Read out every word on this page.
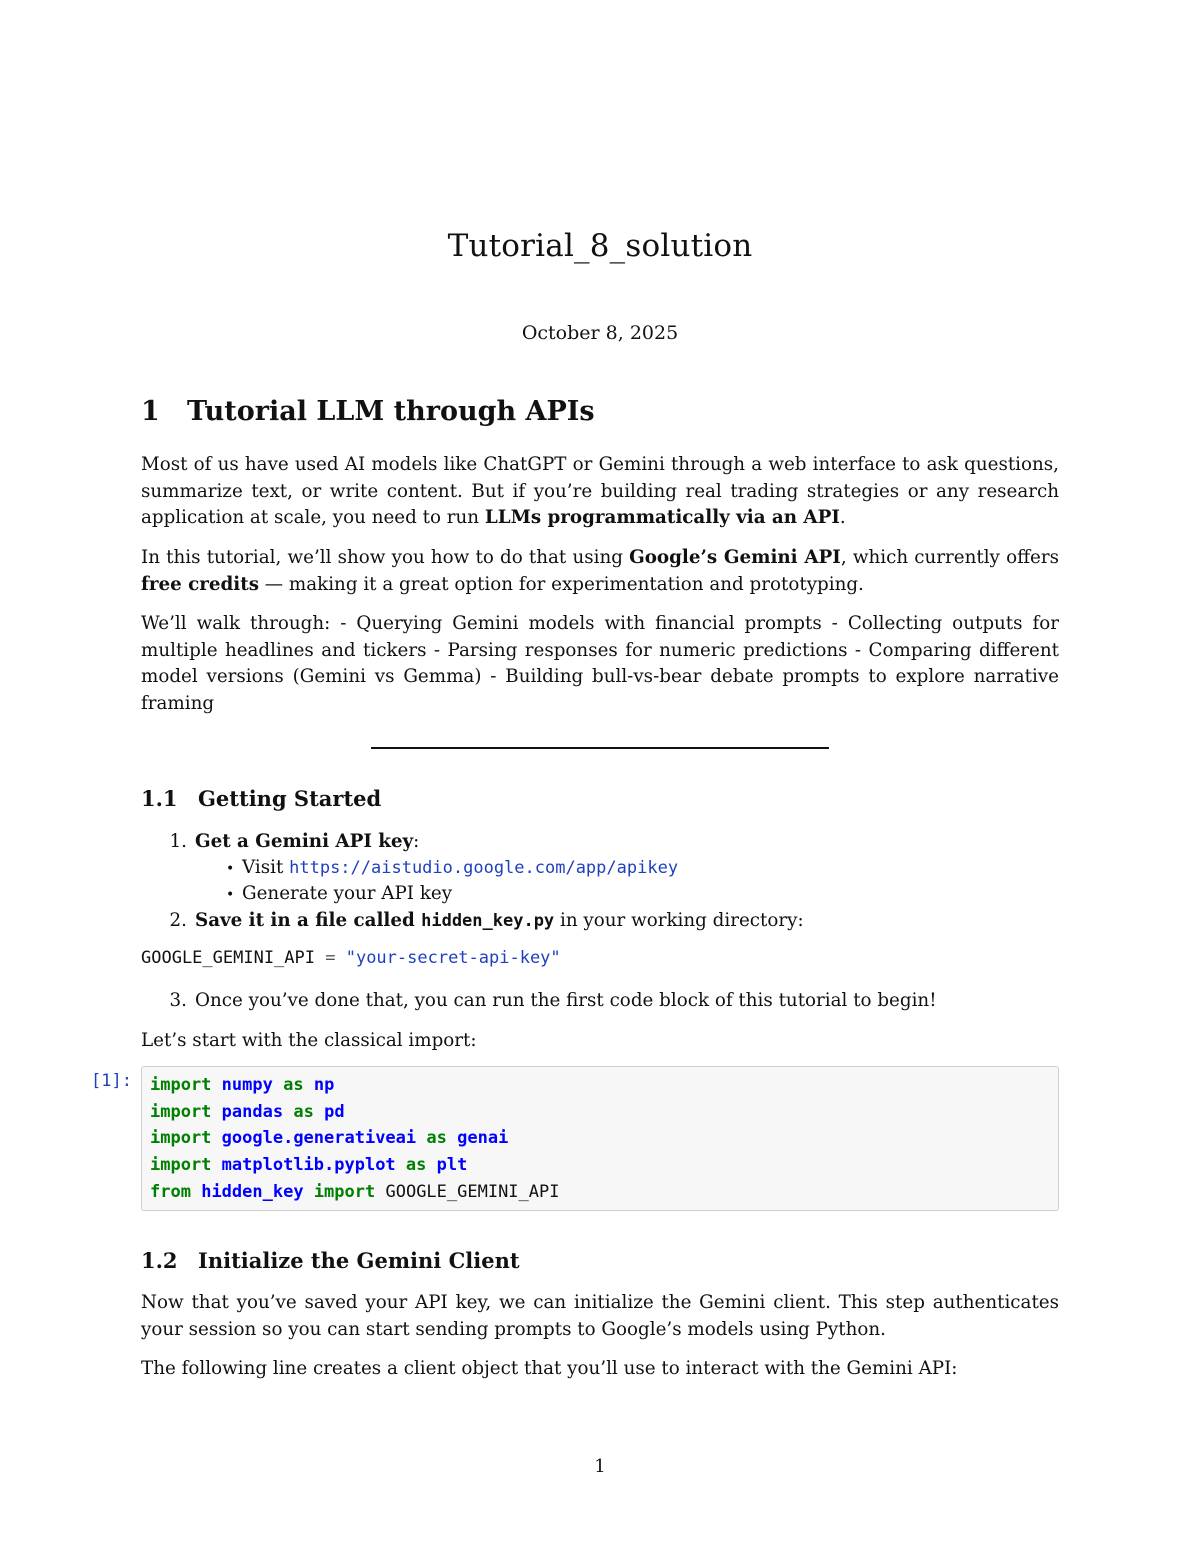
Tutorial_8_solution
October 8, 2025
1 Tutorial LLM through APIs
Most of us have used AI models like ChatGPT or Gemini through a web interface to ask questions, summarize text, or write content. But if you’re building real trading strategies or any research application at scale, you need to run LLMs programmatically via an API.
In this tutorial, we’ll show you how to do that using Google’s Gemini API, which currently offers free credits — making it a great option for experimentation and prototyping.
We’ll walk through: - Querying Gemini models with financial prompts - Collecting outputs for multiple headlines and tickers - Parsing responses for numeric predictions - Comparing different model versions (Gemini vs Gemma) - Building bull-vs-bear debate prompts to explore narrative framing
1.1 Getting Started
1. Get a Gemini API key:
• Visit https://aistudio.google.com/app/apikey
• Generate your API key
2. Save it in a file called hidden_key.py in your working directory:
GOOGLE_GEMINI_API = "your-secret-api-key"
3. Once you’ve done that, you can run the first code block of this tutorial to begin!
Let’s start with the classical import:
[1]: import numpy as np
import pandas as pd
import google.generativeai as genai
import matplotlib.pyplot as plt
from hidden_key import GOOGLE_GEMINI_API
1.2 Initialize the Gemini Client
Now that you’ve saved your API key, we can initialize the Gemini client. This step authenticates your session so you can start sending prompts to Google’s models using Python.
The following line creates a client object that you’ll use to interact with the Gemini API:
1
